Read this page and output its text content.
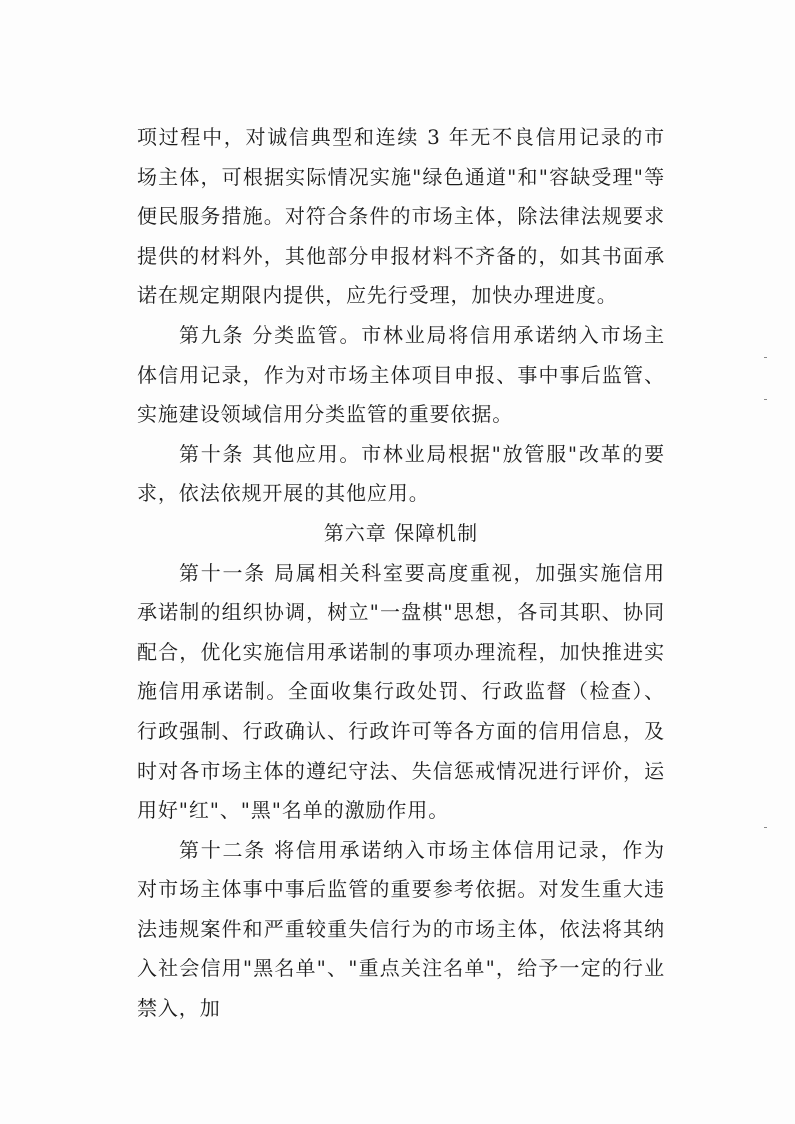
项过程中，对诚信典型和连续 3 年无不良信用记录的市场主体，可根据实际情况实施"绿色通道"和"容缺受理"等便民服务措施。对符合条件的市场主体，除法律法规要求提供的材料外，其他部分申报材料不齐备的，如其书面承诺在规定期限内提供，应先行受理，加快办理进度。

第九条 分类监管。市林业局将信用承诺纳入市场主体信用记录，作为对市场主体项目申报、事中事后监管、实施建设领域信用分类监管的重要依据。

第十条 其他应用。市林业局根据"放管服"改革的要求，依法依规开展的其他应用。

第六章 保障机制

第十一条 局属相关科室要高度重视，加强实施信用承诺制的组织协调，树立"一盘棋"思想，各司其职、协同配合，优化实施信用承诺制的事项办理流程，加快推进实施信用承诺制。全面收集行政处罚、行政监督（检查）、行政强制、行政确认、行政许可等各方面的信用信息，及时对各市场主体的遵纪守法、失信惩戒情况进行评价，运用好"红"、"黑"名单的激励作用。

第十二条 将信用承诺纳入市场主体信用记录，作为对市场主体事中事后监管的重要参考依据。对发生重大违法违规案件和严重较重失信行为的市场主体，依法将其纳入社会信用"黑名单"、"重点关注名单"，给予一定的行业禁入，加
